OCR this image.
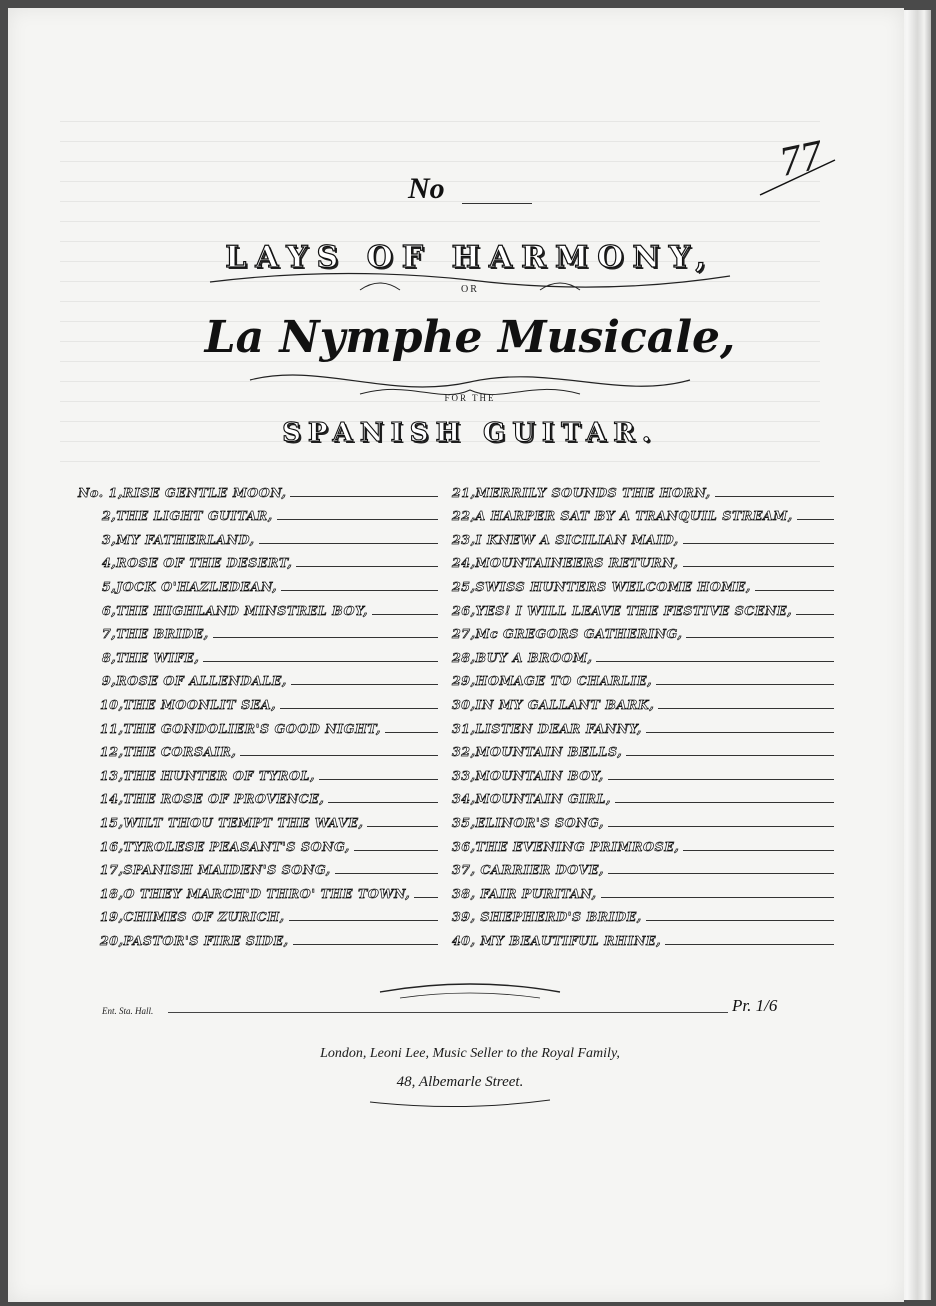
77
No
LAYS OF HARMONY,
OR
La Nymphe Musicale,
FOR THE
SPANISH GUITAR.
No. 1,RISE GENTLE MOON,
2,THE LIGHT GUITAR,
3,MY FATHERLAND,
4,ROSE OF THE DESERT,
5,JOCK O'HAZLEDEAN,
6,THE HIGHLAND MINSTREL BOY,
7,THE BRIDE,
8,THE WIFE,
9,ROSE OF ALLENDALE,
10,THE MOONLIT SEA,
11,THE GONDOLIER'S GOOD NIGHT,
12,THE CORSAIR,
13,THE HUNTER OF TYROL,
14,THE ROSE OF PROVENCE,
15,WILT THOU TEMPT THE WAVE,
16,TYROLESE PEASANT'S SONG,
17,SPANISH MAIDEN'S SONG,
18,O THEY MARCH'D THRO' THE TOWN,
19,CHIMES OF ZURICH,
20,PASTOR'S FIRE SIDE,
21,MERRILY SOUNDS THE HORN,
22,A HARPER SAT BY A TRANQUIL STREAM,
23,I KNEW A SICILIAN MAID,
24,MOUNTAINEERS RETURN,
25,SWISS HUNTERS WELCOME HOME,
26,YES! I WILL LEAVE THE FESTIVE SCENE,
27,Mc GREGORS GATHERING,
28,BUY A BROOM,
29,HOMAGE TO CHARLIE,
30,IN MY GALLANT BARK,
31,LISTEN DEAR FANNY,
32,MOUNTAIN BELLS,
33,MOUNTAIN BOY,
34,MOUNTAIN GIRL,
35,ELINOR'S SONG,
36,THE EVENING PRIMROSE,
37, CARRIER DOVE,
38, FAIR PURITAN,
39, SHEPHERD'S BRIDE,
40, MY BEAUTIFUL RHINE,
Ent. Sta. Hall.	Pr. 1/6
London, Leoni Lee, Music Seller to the Royal Family,
48, Albemarle Street.
